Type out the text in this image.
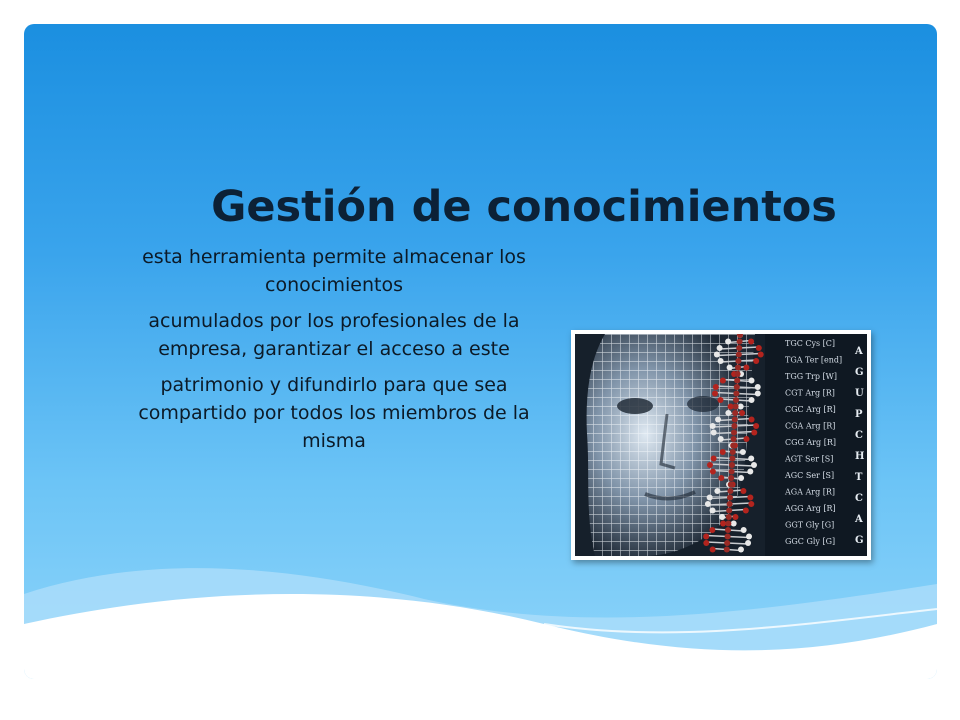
Gestión de conocimientos

esta herramienta permite almacenar los conocimientos

acumulados por los profesionales de la empresa, garantizar el acceso a este

patrimonio y difundirlo para que sea compartido por todos los miembros de la misma

TGC Cys [C]
TGA Ter [end]
TGG Trp [W]
CGT Arg [R]
CGC Arg [R]
CGA Arg [R]
CGG Arg [R]
AGT Ser [S]
AGC Ser [S]
AGA Arg [R]
AGG Arg [R]
GGT Gly [G]
GGC Gly [G]
A
G
U
P
C
H
T
C
A
G
